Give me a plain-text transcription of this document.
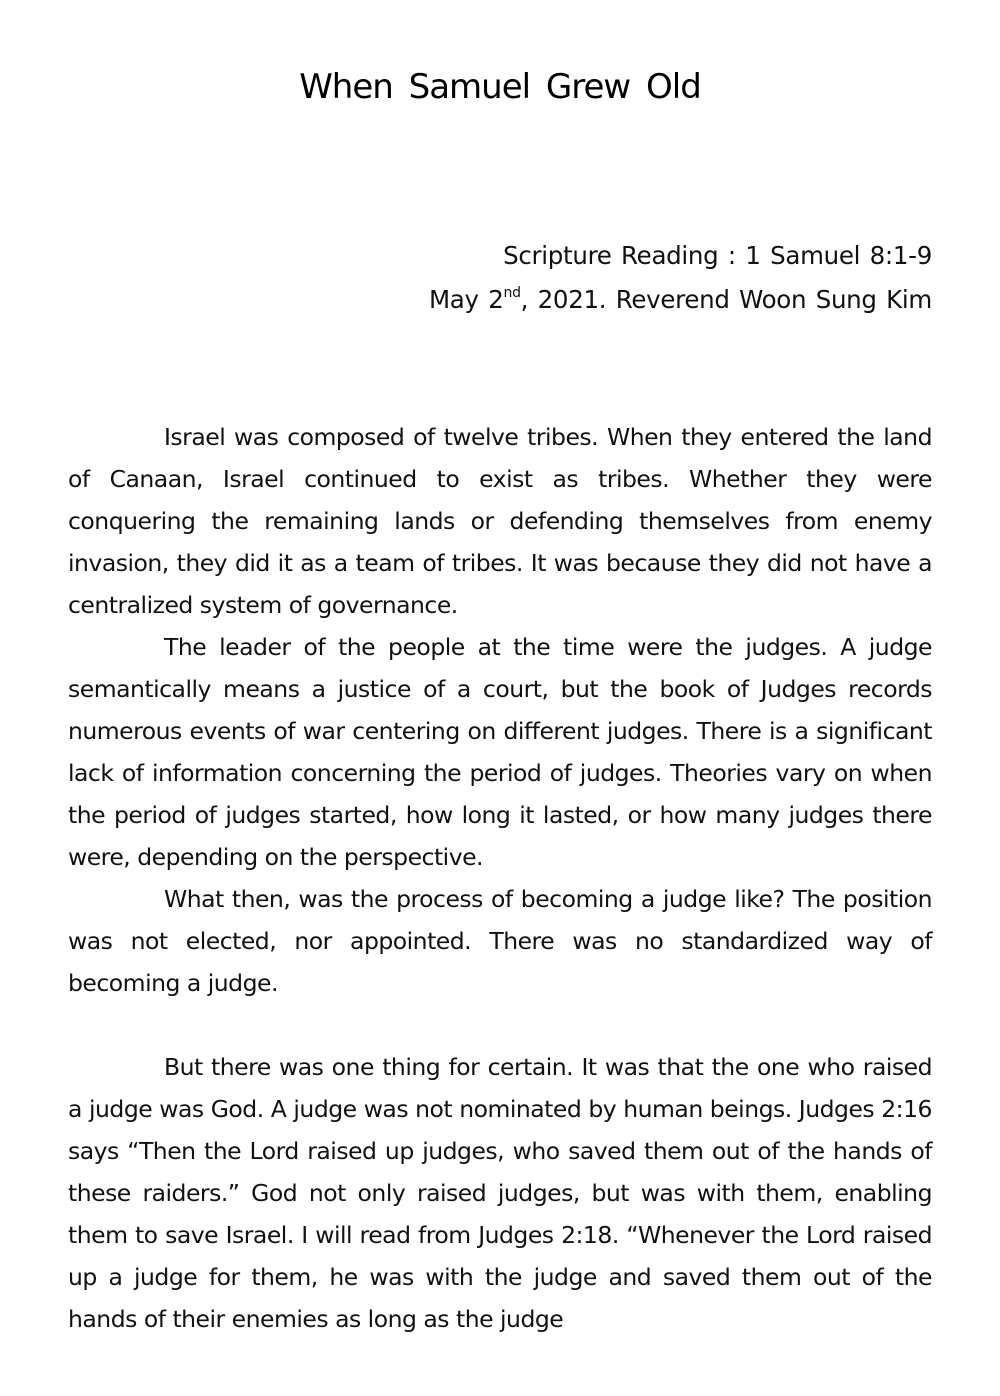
When Samuel Grew Old
Scripture Reading : 1 Samuel 8:1-9
May 2nd, 2021. Reverend Woon Sung Kim

Israel was composed of twelve tribes. When they entered the land of Canaan, Israel continued to exist as tribes. Whether they were conquering the remaining lands or defending themselves from enemy invasion, they did it as a team of tribes. It was because they did not have a centralized system of governance.

The leader of the people at the time were the judges. A judge semantically means a justice of a court, but the book of Judges records numerous events of war centering on different judges. There is a significant lack of information concerning the period of judges. Theories vary on when the period of judges started, how long it lasted, or how many judges there were, depending on the perspective.

What then, was the process of becoming a judge like? The position was not elected, nor appointed. There was no standardized way of becoming a judge.

But there was one thing for certain. It was that the one who raised a judge was God. A judge was not nominated by human beings. Judges 2:16 says “Then the Lord raised up judges, who saved them out of the hands of these raiders.” God not only raised judges, but was with them, enabling them to save Israel. I will read from Judges 2:18. “Whenever the Lord raised up a judge for them, he was with the judge and saved them out of the hands of their enemies as long as the judge
